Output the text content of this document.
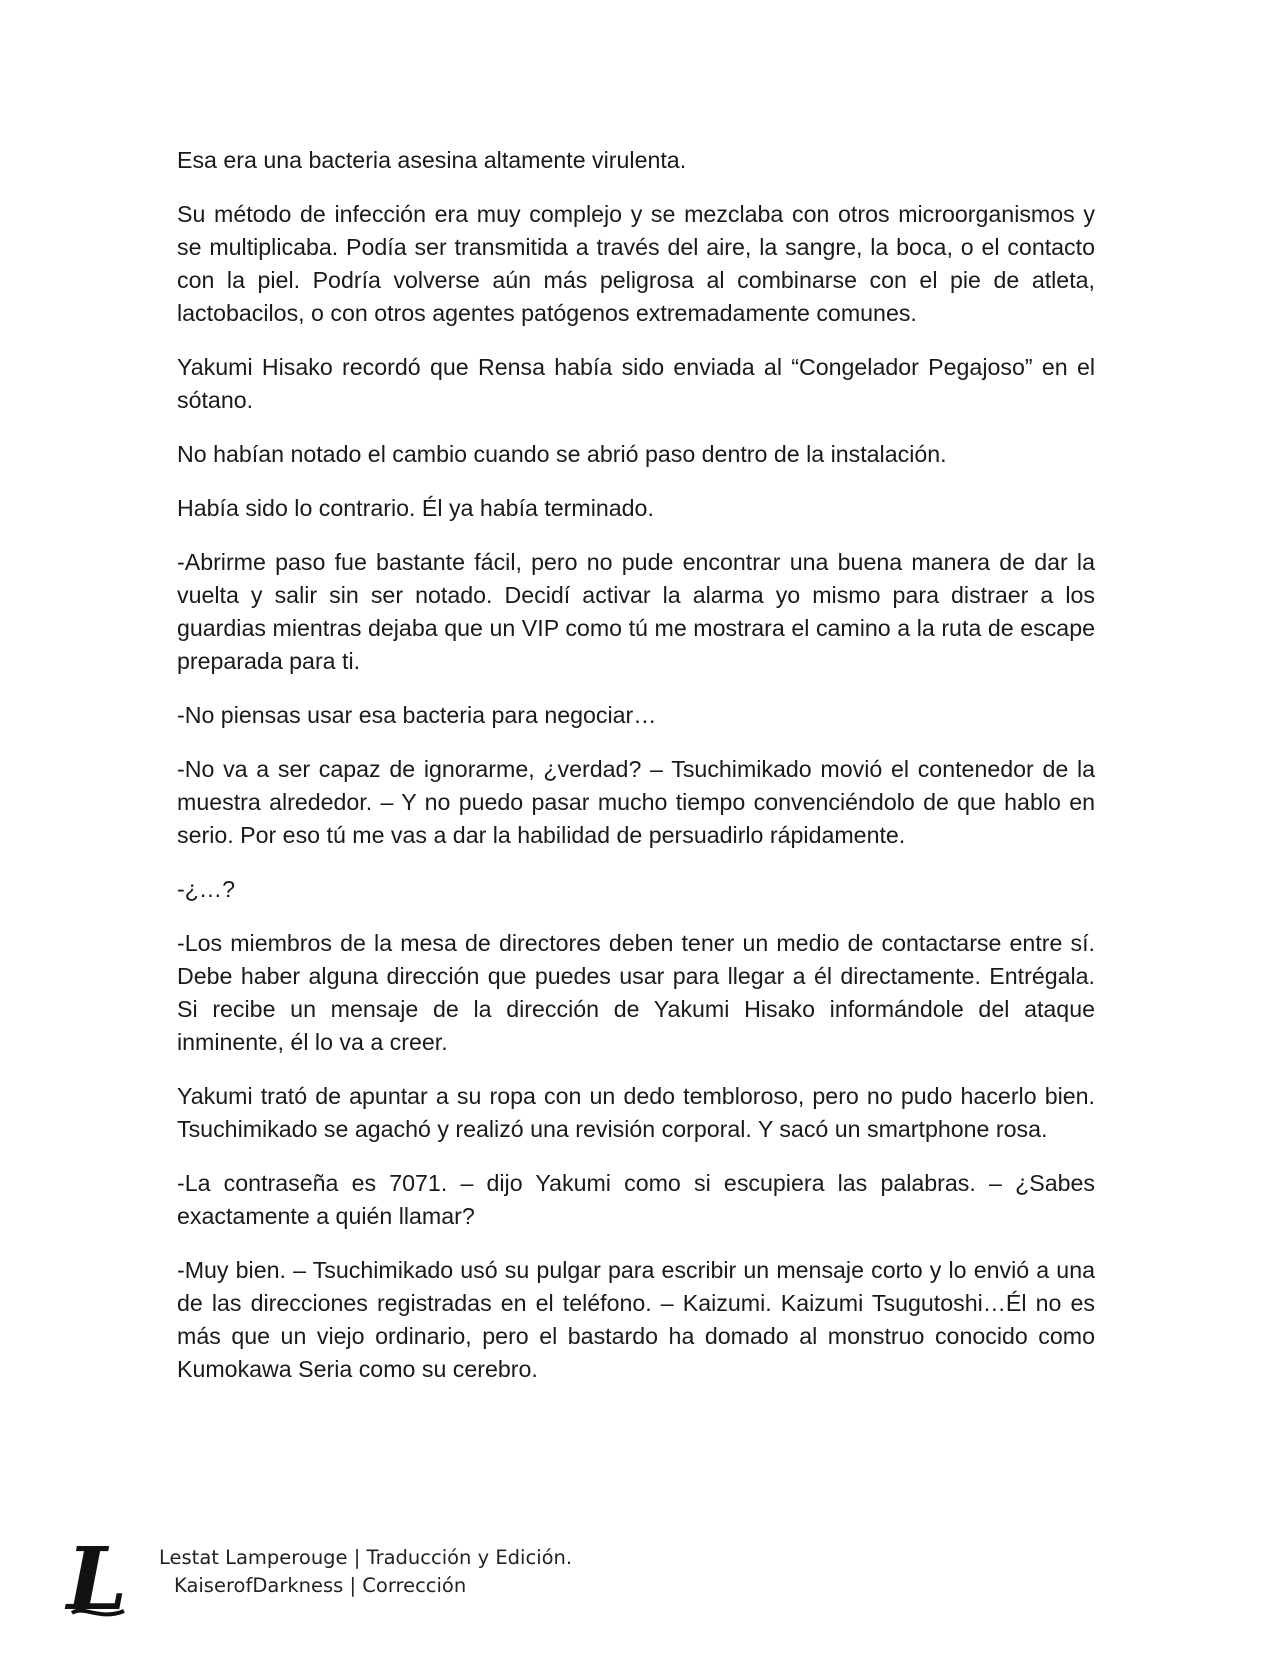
Esa era una bacteria asesina altamente virulenta.

Su método de infección era muy complejo y se mezclaba con otros microorganismos y se multiplicaba. Podía ser transmitida a través del aire, la sangre, la boca, o el contacto con la piel. Podría volverse aún más peligrosa al combinarse con el pie de atleta, lactobacilos, o con otros agentes patógenos extremadamente comunes.

Yakumi Hisako recordó que Rensa había sido enviada al “Congelador Pegajoso” en el sótano.

No habían notado el cambio cuando se abrió paso dentro de la instalación.

Había sido lo contrario. Él ya había terminado.

-Abrirme paso fue bastante fácil, pero no pude encontrar una buena manera de dar la vuelta y salir sin ser notado. Decidí activar la alarma yo mismo para distraer a los guardias mientras dejaba que un VIP como tú me mostrara el camino a la ruta de escape preparada para ti.

-No piensas usar esa bacteria para negociar…

-No va a ser capaz de ignorarme, ¿verdad? – Tsuchimikado movió el contenedor de la muestra alrededor. – Y no puedo pasar mucho tiempo convenciéndolo de que hablo en serio. Por eso tú me vas a dar la habilidad de persuadirlo rápidamente.

-¿…?

-Los miembros de la mesa de directores deben tener un medio de contactarse entre sí. Debe haber alguna dirección que puedes usar para llegar a él directamente. Entrégala. Si recibe un mensaje de la dirección de Yakumi Hisako informándole del ataque inminente, él lo va a creer.

Yakumi trató de apuntar a su ropa con un dedo tembloroso, pero no pudo hacerlo bien. Tsuchimikado se agachó y realizó una revisión corporal. Y sacó un smartphone rosa.

-La contraseña es 7071. – dijo Yakumi como si escupiera las palabras. – ¿Sabes exactamente a quién llamar?

-Muy bien. – Tsuchimikado usó su pulgar para escribir un mensaje corto y lo envió a una de las direcciones registradas en el teléfono. – Kaizumi. Kaizumi Tsugutoshi…Él no es más que un viejo ordinario, pero el bastardo ha domado al monstruo conocido como Kumokawa Seria como su cerebro.

L Lestat Lamperouge | Traducción y Edición.
KaiserofDarkness | Corrección
